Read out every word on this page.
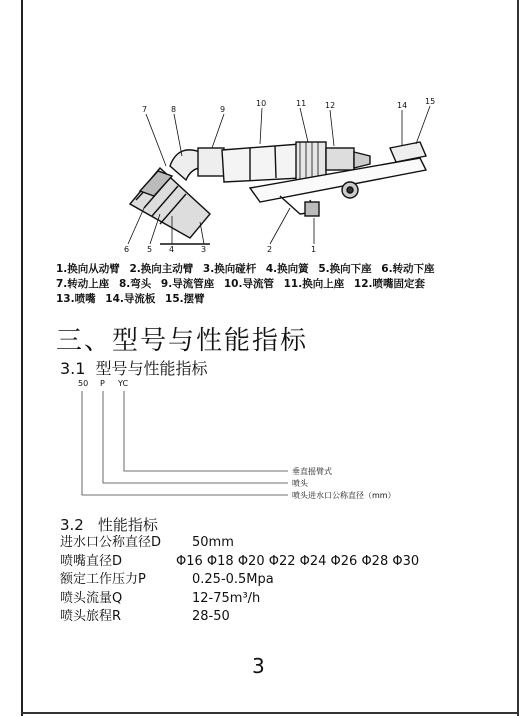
7	8	9
10	11 12	14 15
6 5 4	3	2	1
1.换向从动臂 2.换向主动臂 3.换向碰杆 4.换向簧 5.换向下座 6.转动下座
7.转动上座 8.弯头 9.导流管座 10.导流管 11.换向上座 12.喷嘴固定套
13.喷嘴 14.导流板 15.摆臂
三、型号与性能指标
3.1 型号与性能指标
50 P YC
垂直摇臂式
喷头
喷头进水口公称直径（mm）
3.2 性能指标
进水口公称直径D 50mm
喷嘴直径D	Φ16 Φ18 Φ20 Φ22 Φ24 Φ26 Φ28 Φ30
额定工作压力P	0.25-0.5Mpa
喷头流量Q	12-75m³/h
喷头旅程R	28-50
3
